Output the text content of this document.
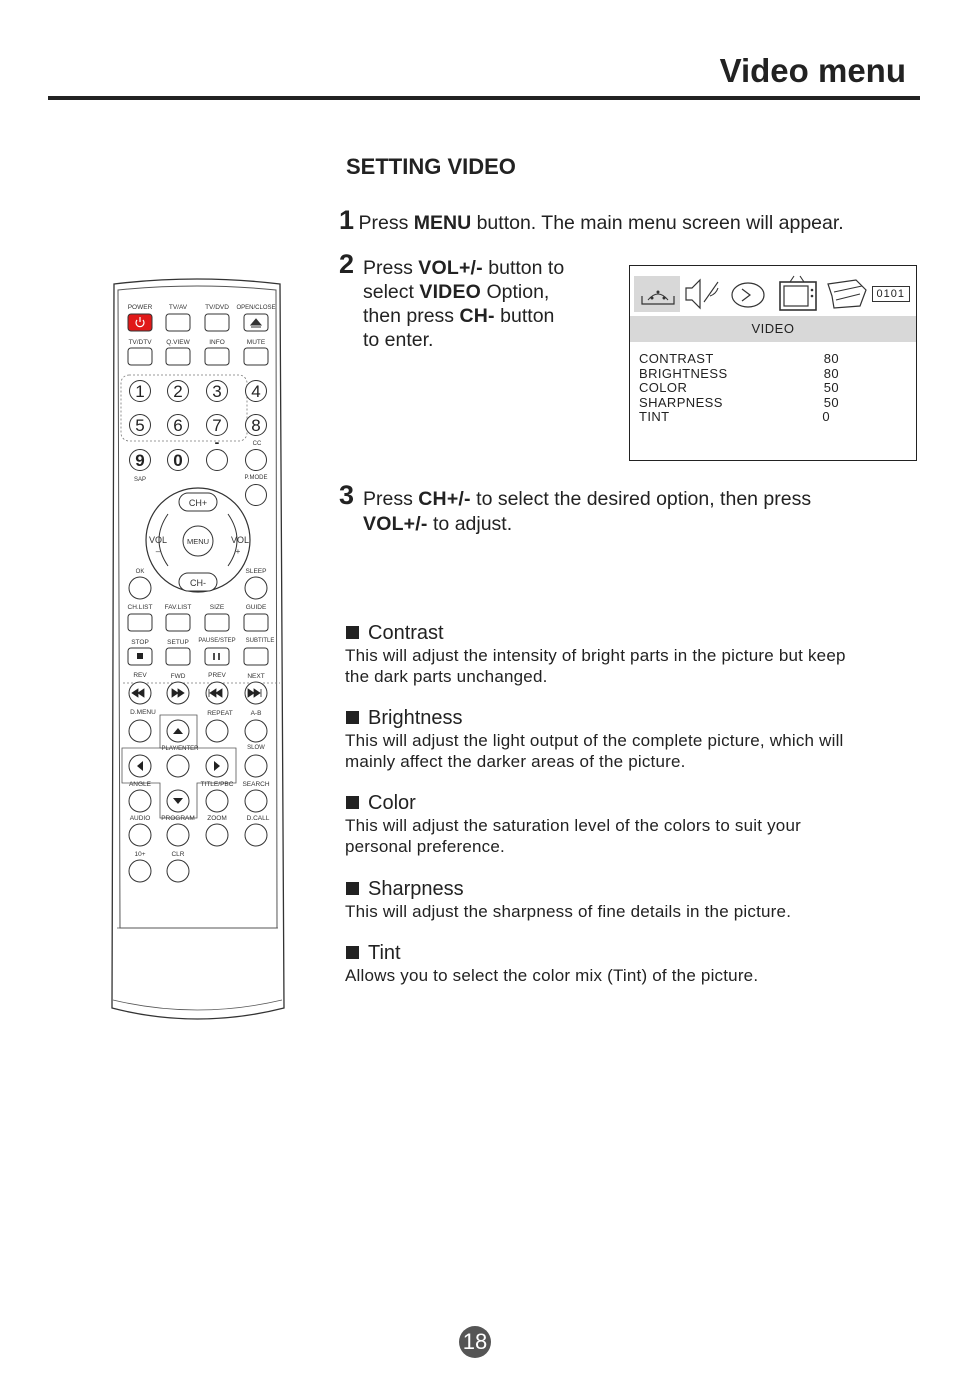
Video menu
SETTING VIDEO
1 Press MENU button. The main menu screen will appear.
2 Press VOL+/- button to
select VIDEO Option,
then press CH- button
to enter.
0101
VIDEO
CONTRAST	80
BRIGHTNESS	80
COLOR	50
SHARPNESS	50
TINT	0
3 Press CH+/- to select the desired option, then press
VOL+/- to adjust.
Contrast
This will adjust the intensity of bright parts in the picture but keep
the dark parts unchanged.
Brightness
This will adjust the light output of the complete picture, which will
mainly affect the darker areas of the picture.
Color
This will adjust the saturation level of the colors to suit your
personal preference.
Sharpness
This will adjust the sharpness of fine details in the picture.
Tint
Allows you to select the color mix (Tint) of the picture.
POWER	TV/AV	TV/DVD OPEN/CLOSE
TV/DTV Q.VIEW	INFO	MUTE
1 2 3 4
5 6 7 8
9 0
-	CC
SAP	P.MODE
CH+
CH-
MENU
VOL	VOL
–	+
OK	SLEEP
CH.LIST FAV.LIST	SIZE	GUIDE
STOP	SETUP PAUSE/STEP SUBTITLE
REV	FWD	PREV	NEXT
D.MENU	REPEAT	A-B
PLAY/ENTER	SLOW
ANGLE	TITLE/PBC SEARCH
AUDIO PROGRAM ZOOM	D.CALL
10+	CLR
18
